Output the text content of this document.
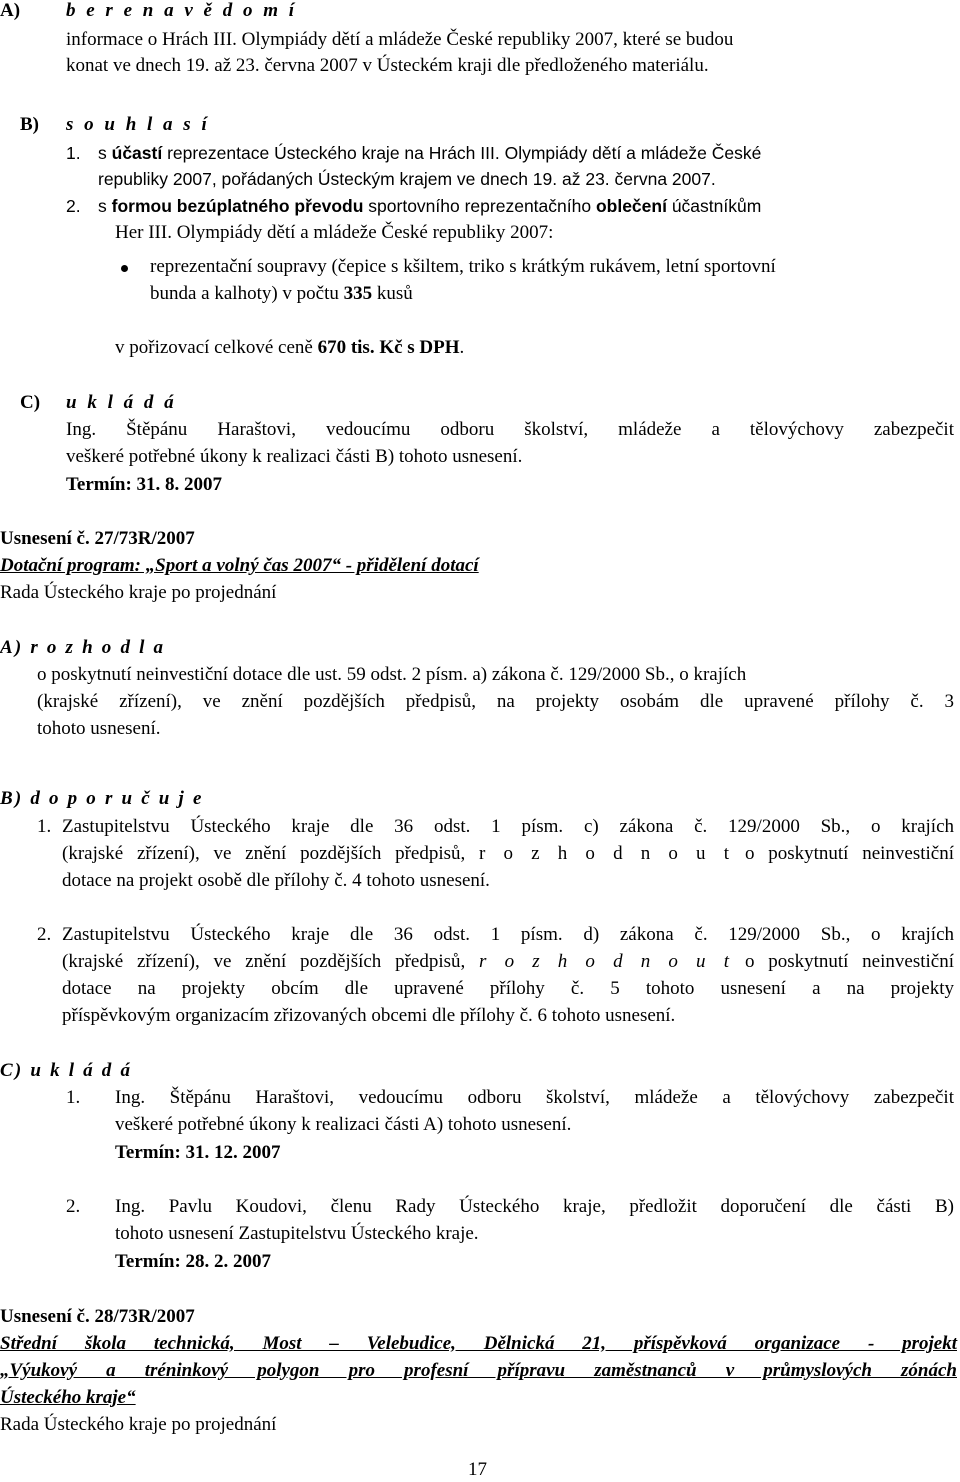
A) b e r e n a v ě d o m í
informace o Hrách III. Olympiády dětí a mládeže České republiky 2007, které se budou
konat ve dnech 19. až 23. června 2007 v Ústeckém kraji dle předloženého materiálu.
B) s o u h l a s í
1. s účastí reprezentace Ústeckého kraje na Hrách III. Olympiády dětí a mládeže České
republiky 2007, pořádaných Ústeckým krajem ve dnech 19. až 23. června 2007.
2. s formou bezúplatného převodu sportovního reprezentačního oblečení účastníkům
Her III. Olympiády dětí a mládeže České republiky 2007:
reprezentační soupravy (čepice s kšiltem, triko s krátkým rukávem, letní sportovní
bunda a kalhoty) v počtu 335 kusů
v pořizovací celkové ceně 670 tis. Kč s DPH.
C) u k l á d á
Ing. Štěpánu Haraštovi, vedoucímu odboru školství, mládeže a tělovýchovy zabezpečit
veškeré potřebné úkony k realizaci části B) tohoto usnesení.
Termín: 31. 8. 2007
Usnesení č. 27/73R/2007
Dotační program: „Sport a volný čas 2007“ - přidělení dotací
Rada Ústeckého kraje po projednání
A) r o z h o d l a
o poskytnutí neinvestiční dotace dle ust. 59 odst. 2 písm. a) zákona č. 129/2000 Sb., o krajích
(krajské zřízení), ve znění pozdějších předpisů, na projekty osobám dle upravené přílohy č. 3
tohoto usnesení.
B) d o p o r u č u j e
1. Zastupitelstvu Ústeckého kraje dle 36 odst. 1 písm. c) zákona č. 129/2000 Sb., o krajích
(krajské zřízení), ve znění pozdějších předpisů, r o z h o d n o u t o poskytnutí neinvestiční
dotace na projekt osobě dle přílohy č. 4 tohoto usnesení.
2. Zastupitelstvu Ústeckého kraje dle 36 odst. 1 písm. d) zákona č. 129/2000 Sb., o krajích
(krajské zřízení), ve znění pozdějších předpisů, r o z h o d n o u t o poskytnutí neinvestiční
dotace na projekty obcím dle upravené přílohy č. 5 tohoto usnesení a na projekty
příspěvkovým organizacím zřizovaných obcemi dle přílohy č. 6 tohoto usnesení.
C) u k l á d á
1. Ing. Štěpánu Haraštovi, vedoucímu odboru školství, mládeže a tělovýchovy zabezpečit
veškeré potřebné úkony k realizaci části A) tohoto usnesení.
Termín: 31. 12. 2007
2. Ing. Pavlu Koudovi, členu Rady Ústeckého kraje, předložit doporučení dle části B)
tohoto usnesení Zastupitelstvu Ústeckého kraje.
Termín: 28. 2. 2007
Usnesení č. 28/73R/2007
Střední škola technická, Most – Velebudice, Dělnická 21, příspěvková organizace - projekt
„Výukový a tréninkový polygon pro profesní přípravu zaměstnanců v průmyslových zónách
Ústeckého kraje“
Rada Ústeckého kraje po projednání
17
